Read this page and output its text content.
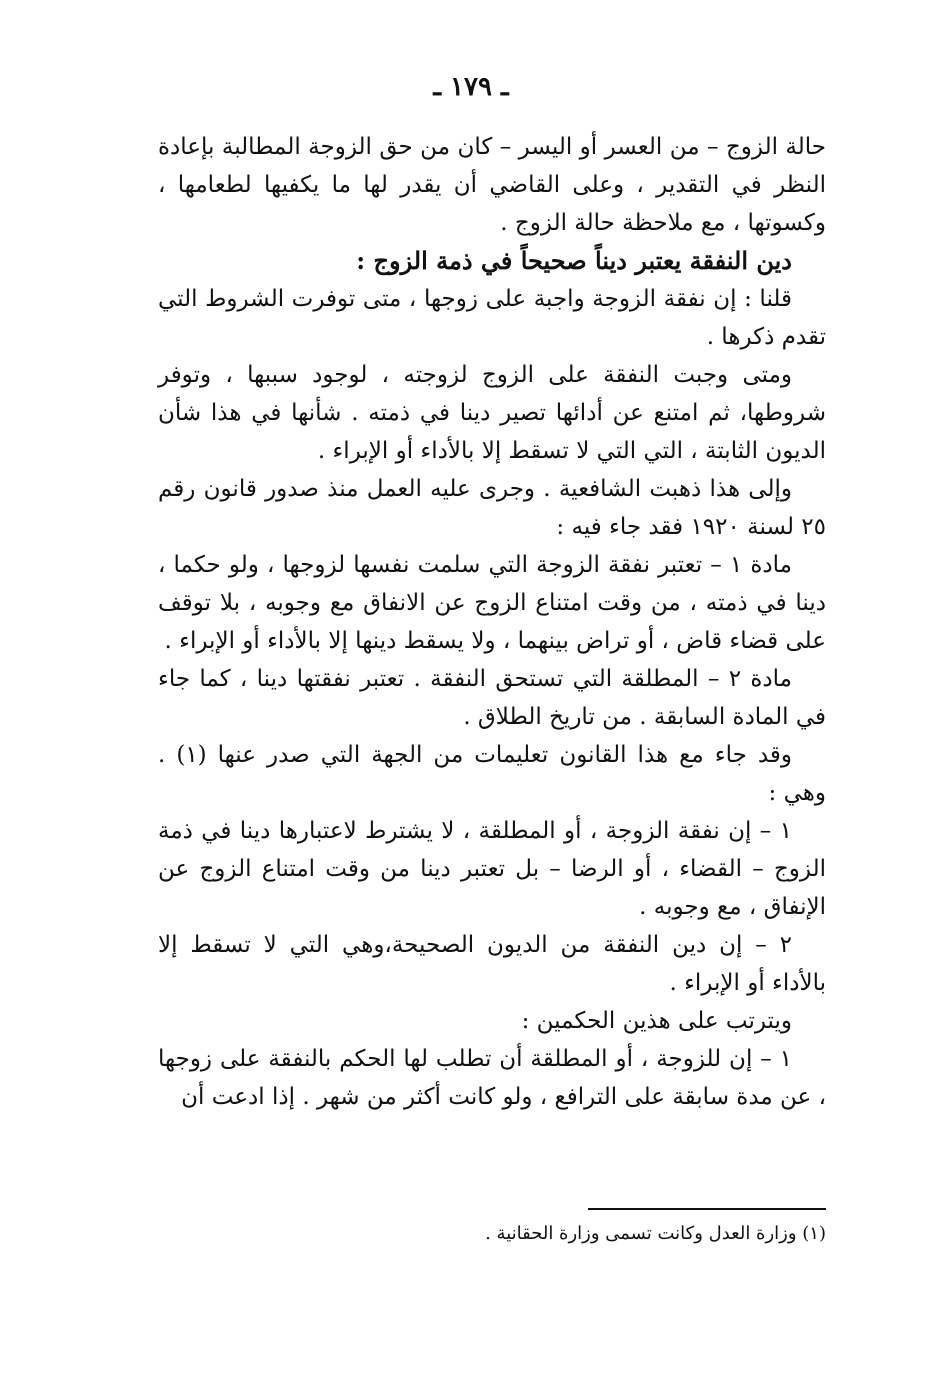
ـ ١٧٩ ـ

حالة الزوج – من العسر أو اليسر – كان من حق الزوجة المطالبة بإعادة النظر في التقدير ، وعلى القاضي أن يقدر لها ما يكفيها لطعامها ، وكسوتها ، مع ملاحظة حالة الزوج .

دين النفقة يعتبر ديناً صحيحاً في ذمة الزوج :

قلنا : إن نفقة الزوجة واجبة على زوجها ، متى توفرت الشروط التي تقدم ذكرها .

ومتى وجبت النفقة على الزوج لزوجته ، لوجود سببها ، وتوفر شروطها، ثم امتنع عن أدائها تصير دينا في ذمته . شأنها في هذا شأن الديون الثابتة ، التي التي لا تسقط إلا بالأداء أو الإبراء .

وإلى هذا ذهبت الشافعية . وجرى عليه العمل منذ صدور قانون رقم ٢٥ لسنة ١٩٢٠ فقد جاء فيه :

مادة ١ – تعتبر نفقة الزوجة التي سلمت نفسها لزوجها ، ولو حكما ، دينا في ذمته ، من وقت امتناع الزوج عن الانفاق مع وجوبه ، بلا توقف على قضاء قاض ، أو تراض بينهما ، ولا يسقط دينها إلا بالأداء أو الإبراء .

مادة ٢ – المطلقة التي تستحق النفقة . تعتبر نفقتها دينا ، كما جاء في المادة السابقة . من تاريخ الطلاق .

وقد جاء مع هذا القانون تعليمات من الجهة التي صدر عنها (١) . وهي :

١ – إن نفقة الزوجة ، أو المطلقة ، لا يشترط لاعتبارها دينا في ذمة الزوج – القضاء ، أو الرضا – بل تعتبر دينا من وقت امتناع الزوج عن الإنفاق ، مع وجوبه .

٢ – إن دين النفقة من الديون الصحيحة،وهي التي لا تسقط إلا بالأداء أو الإبراء .

ويترتب على هذين الحكمين :

١ – إن للزوجة ، أو المطلقة أن تطلب لها الحكم بالنفقة على زوجها ، عن مدة سابقة على الترافع ، ولو كانت أكثر من شهر . إذا ادعت أن

(١) وزارة العدل وكانت تسمى وزارة الحقانية .
